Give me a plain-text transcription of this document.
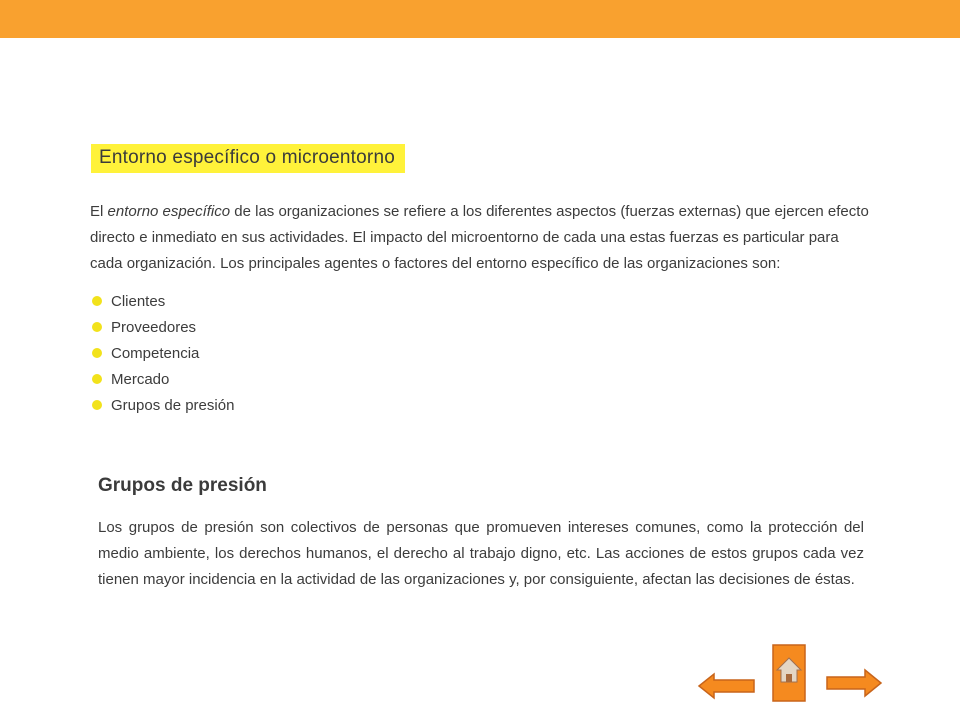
Entorno específico o microentorno
El entorno específico de las organizaciones se refiere a los diferentes aspectos (fuerzas externas) que ejercen efecto directo e inmediato en sus actividades. El impacto del microentorno de cada una estas fuerzas es particular para cada organización. Los principales agentes o factores del entorno específico de las organizaciones son:
Clientes
Proveedores
Competencia
Mercado
Grupos de presión
Grupos de presión
Los grupos de presión son colectivos de personas que promueven intereses comunes, como la protección del medio ambiente, los derechos humanos, el derecho al trabajo digno, etc. Las acciones de estos grupos cada vez tienen mayor incidencia en la actividad de las organizaciones y, por consiguiente, afectan las decisiones de éstas.
